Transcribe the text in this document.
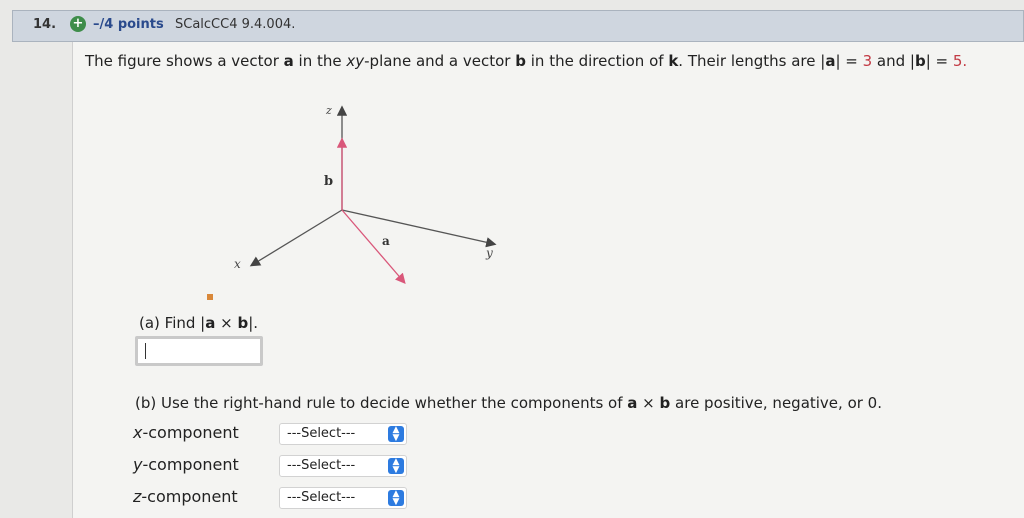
14. + –/4 points SCalcCC4 9.4.004.
The figure shows a vector a in the xy-plane and a vector b in the direction of k. Their lengths are |a| = 3 and |b| = 5.
z
x
y
b
a
(a) Find |a × b|.
(b) Use the right-hand rule to decide whether the components of a × b are positive, negative, or 0.
x-component	---Select---	▲
▼
y-component	---Select---	▲
▼
z-component	---Select---	▲
▼
